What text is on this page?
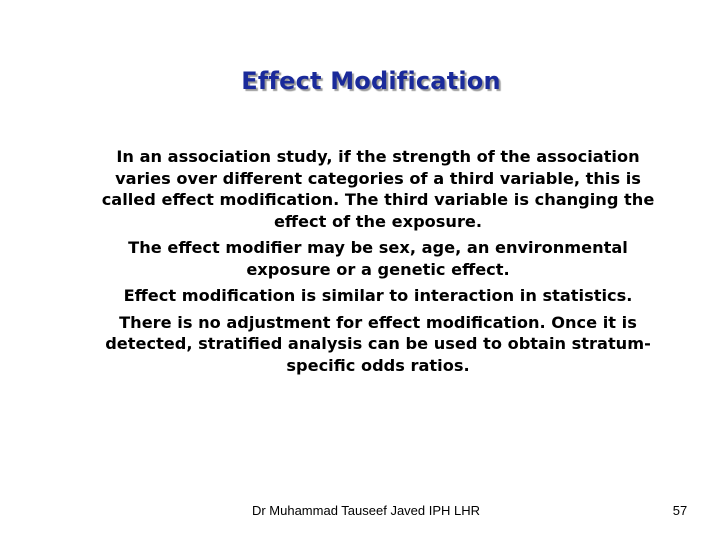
Effect Modification

In an association study, if the strength of the association varies over different categories of a third variable, this is called effect modification. The third variable is changing the effect of the exposure.

The effect modifier may be sex, age, an environmental exposure or a genetic effect.

Effect modification is similar to interaction in statistics.

There is no adjustment for effect modification. Once it is detected, stratified analysis can be used to obtain stratum-specific odds ratios.

Dr Muhammad Tauseef Javed IPH LHR	57
